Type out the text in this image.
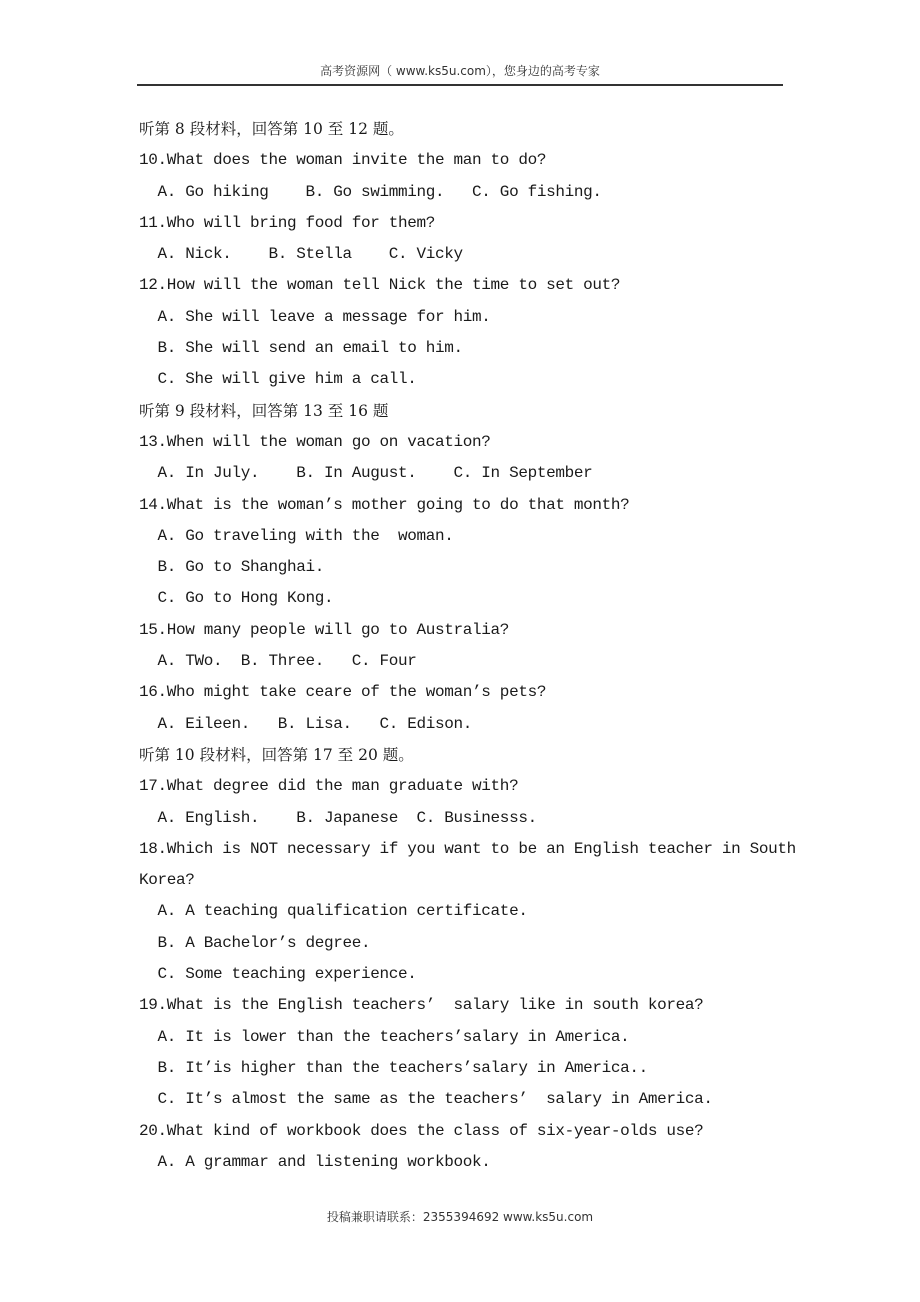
高考资源网（ www.ks5u.com），您身边的高考专家
听第 8 段材料，回答第 10 至 12 题。
10.What does the woman invite the man to do?
A. Go hiking    B. Go swimming.   C. Go fishing.
11.Who will bring food for them?
A. Nick.    B. Stella    C. Vicky
12.How will the woman tell Nick the time to set out?
A. She will leave a message for him.
B. She will send an email to him.
C. She will give him a call.
听第 9 段材料，回答第 13 至 16 题
13.When will the woman go on vacation?
A. In July.    B. In August.    C. In September
14.What is the woman’s mother going to do that month?
A. Go traveling with the  woman.
B. Go to Shanghai.
C. Go to Hong Kong.
15.How many people will go to Australia?
A. TWo.  B. Three.   C. Four
16.Who might take ceare of the woman’s pets?
A. Eileen.   B. Lisa.   C. Edison.
听第 10 段材料，回答第 17 至 20 题。
17.What degree did the man graduate with?
A. English.    B. Japanese  C. Businesss.
18.Which is NOT necessary if you want to be an English teacher in South
Korea?
A. A teaching qualification certificate.
B. A Bachelor’s degree.
C. Some teaching experience.
19.What is the English teachers’  salary like in south korea?
A. It is lower than the teachers’salary in America.
B. It’is higher than the teachers’salary in America..
C. It’s almost the same as the teachers’  salary in America.
20.What kind of workbook does the class of six-year-olds use?
A. A grammar and listening workbook.
投稿兼职请联系：2355394692 www.ks5u.com
